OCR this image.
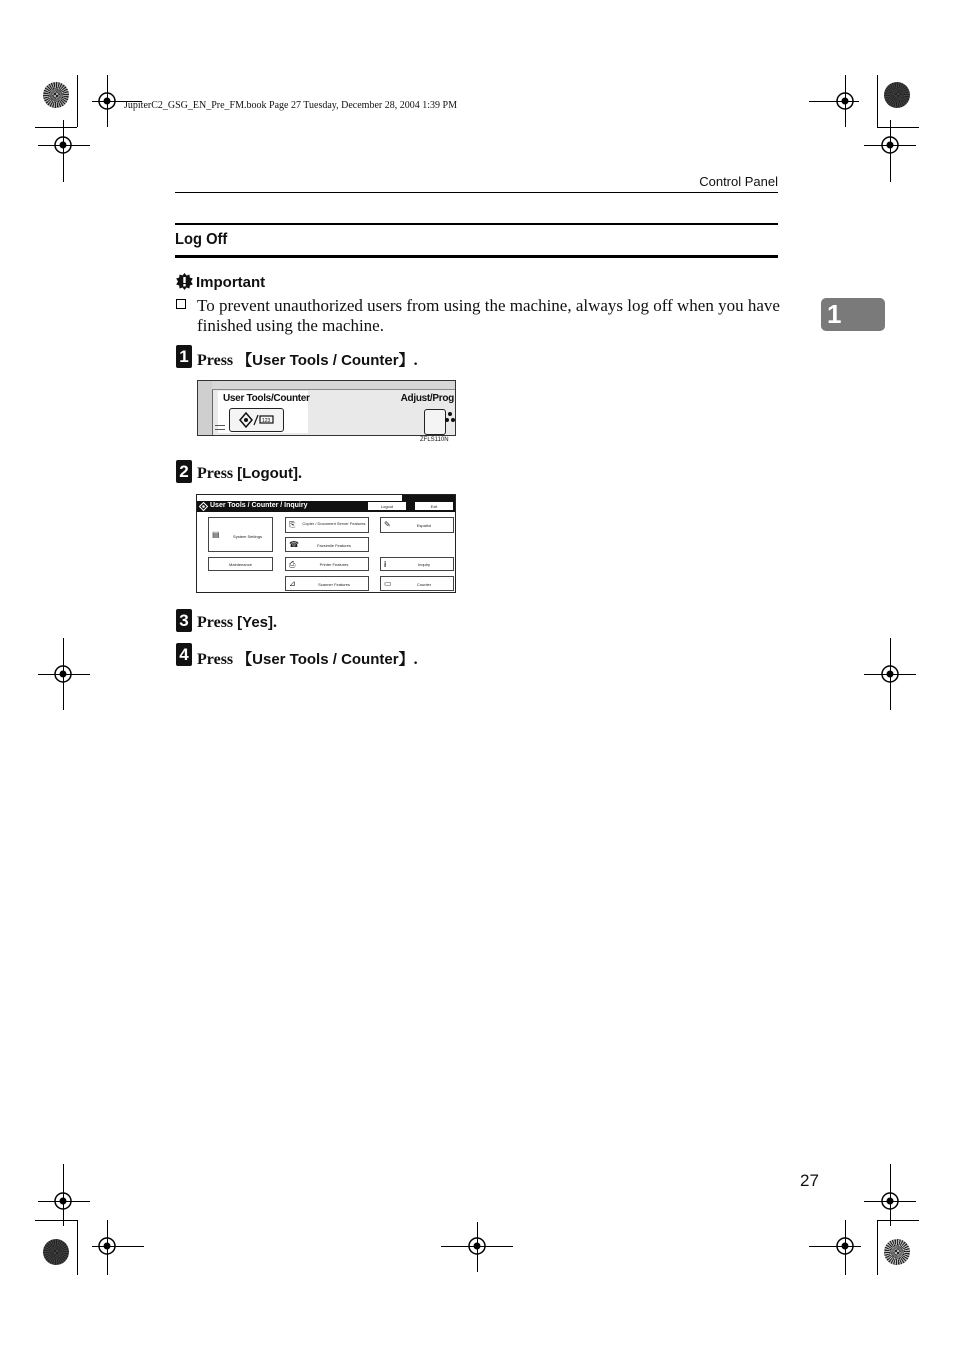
JupiterC2_GSG_EN_Pre_FM.book Page 27 Tuesday, December 28, 2004 1:39 PM
Control Panel
Log Off
1
Important
To prevent unauthorized users from using the machine, always log off when you have finished using the machine.
1 Press 【User Tools / Counter】.
User Tools/Counter
123
Adjust/Prog
ZFLS110N
2 Press [Logout].
User Tools / Counter / Inquiry	Logout	Exit
▤	System Settings
⎘ Copier / Document Server Features ✎	Español
☎	Facsimile Features
Maintenance	⎙	Printer Features	i	Inquiry
⊿	Scanner Features	▭	Counter
3 Press [Yes].
4 Press 【User Tools / Counter】.
27
